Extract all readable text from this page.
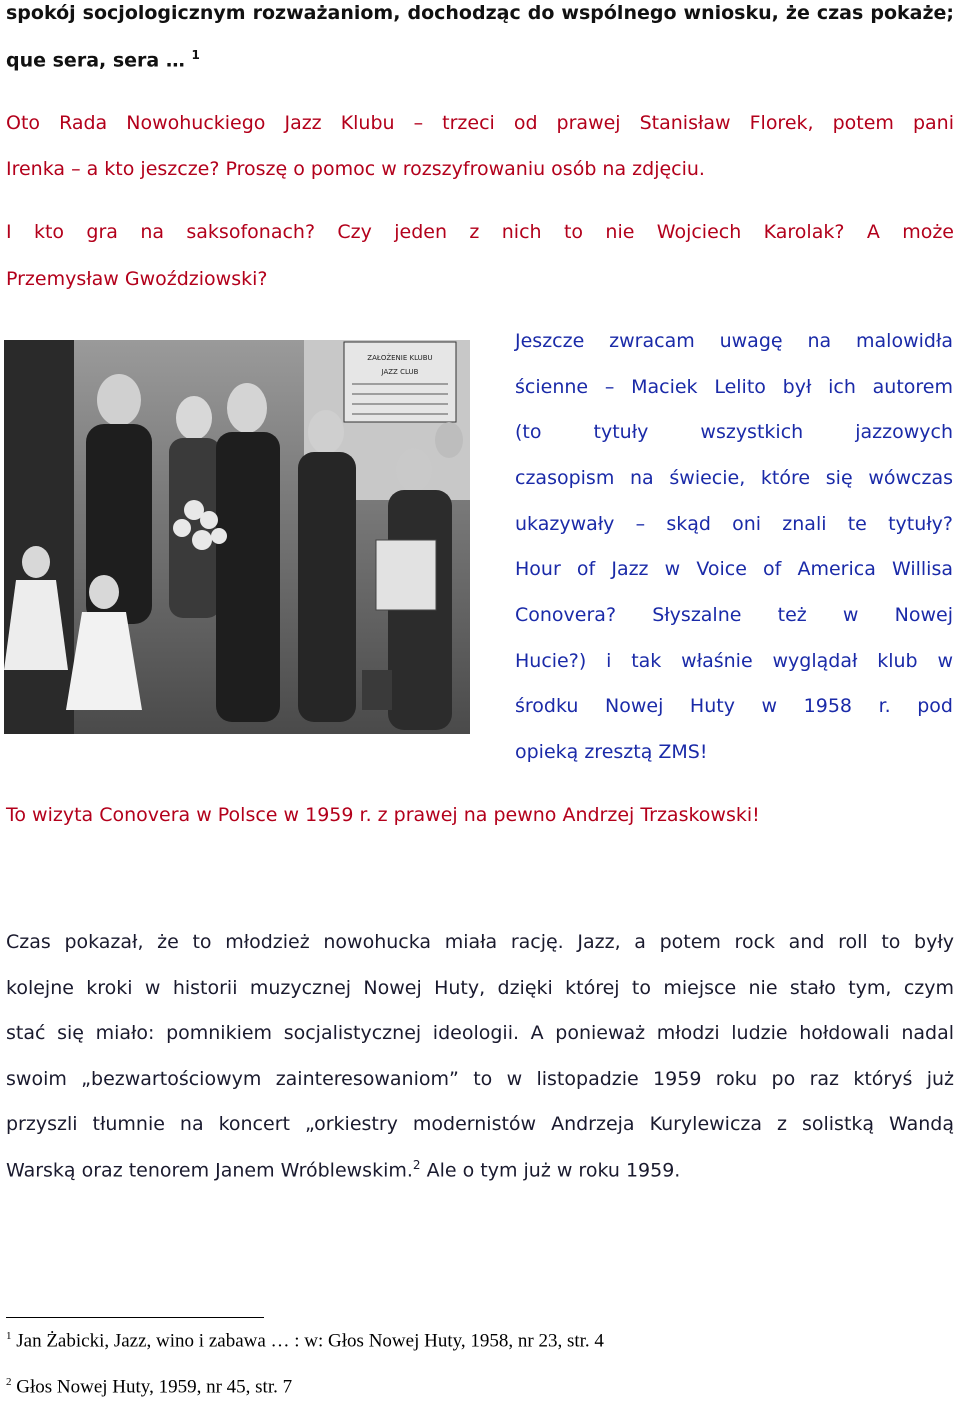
spokój socjologicznym rozważaniom, dochodząc do wspólnego wniosku, że czas pokaże;
que sera, sera … $^1$
Oto Rada Nowohuckiego Jazz Klubu – trzeci od prawej Stanisław Florek, potem pani
Irenka – a kto jeszcze? Proszę o pomoc w rozszyfrowaniu osób na zdjęciu.
I kto gra na saksofonach? Czy jeden z nich to nie Wojciech Karolak? A może
Przemysław Gwoździowski?
ZAŁOŻENIE KLUBU
JAZZ CLUB
Jeszcze zwracam uwagę na malowidła
ścienne – Maciek Lelito był ich autorem
(to tytuły wszystkich jazzowych
czasopism na świecie, które się wówczas
ukazywały – skąd oni znali te tytuły?
Hour of Jazz w Voice of America Willisa
Conovera? Słyszalne też w Nowej
Hucie?) i tak właśnie wyglądał klub w
środku Nowej Huty w 1958 r. pod
opieką zresztą ZMS!
To wizyta Conovera w Polsce w 1959 r. z prawej na pewno Andrzej Trzaskowski!
Czas pokazał, że to młodzież nowohucka miała rację. Jazz, a potem rock and roll to były
kolejne kroki w historii muzycznej Nowej Huty, dzięki której to miejsce nie stało tym, czym
stać się miało: pomnikiem socjalistycznej ideologii. A ponieważ młodzi ludzie hołdowali nadal
swoim „bezwartościowym zainteresowaniom” to w listopadzie 1959 roku po raz któryś już
przyszli tłumnie na koncert „orkiestry modernistów Andrzeja Kurylewicza z solistką Wandą
Warską oraz tenorem Janem Wróblewskim.$^2$ Ale o tym już w roku 1959.
$^1$ Jan Żabicki, Jazz, wino i zabawa … : w: Głos Nowej Huty, 1958, nr 23, str. 4
$^2$ Głos Nowej Huty, 1959, nr 45, str. 7
